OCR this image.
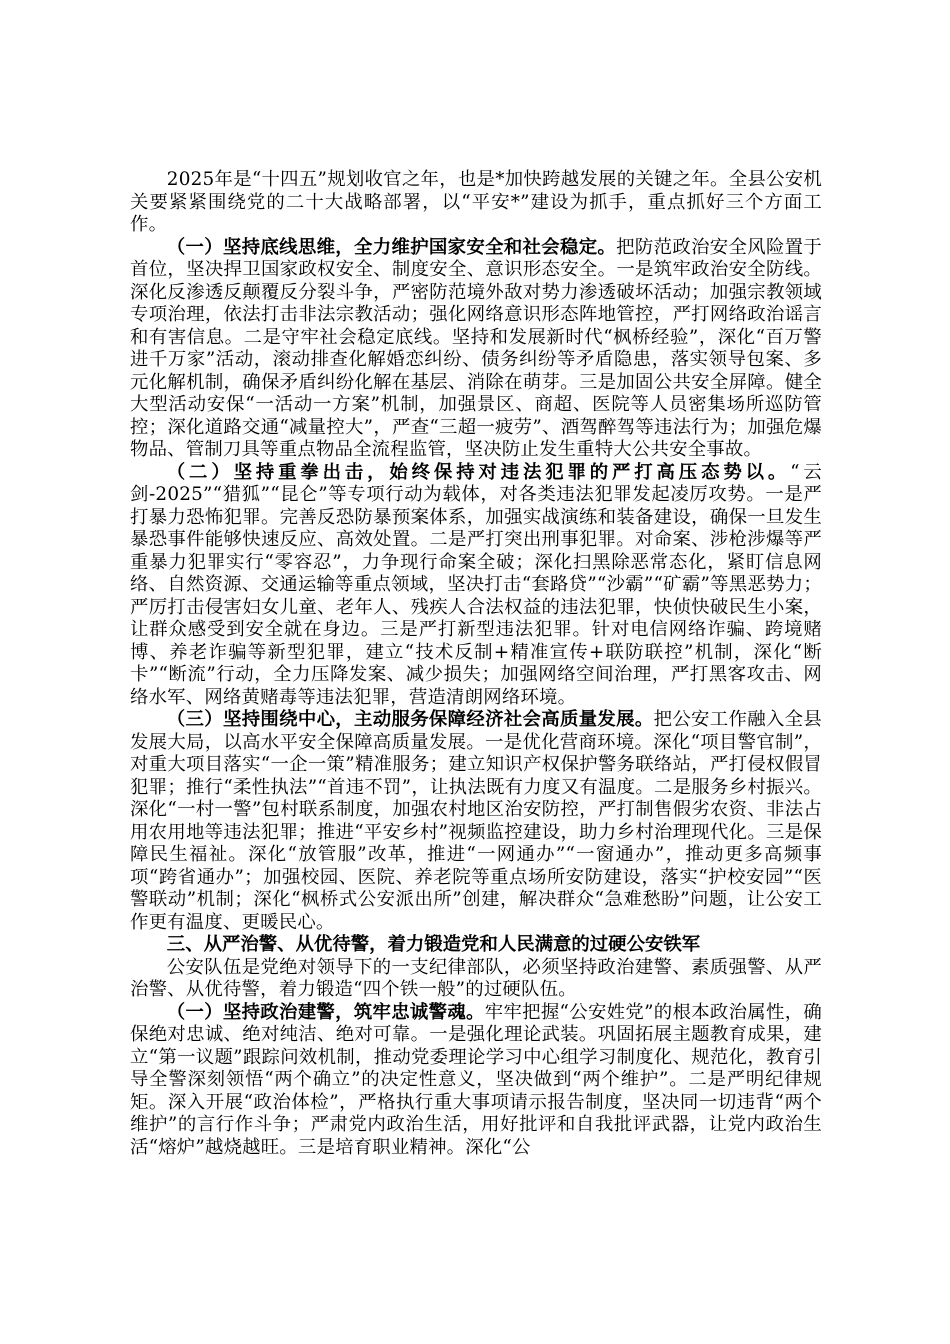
2025年是“十四五”规划收官之年，也是*加快跨越发展的关键之年。全县公安机关要紧紧围绕党的二十大战略部署，以“平安*”建设为抓手，重点抓好三个方面工作。

（一）坚持底线思维，全力维护国家安全和社会稳定。把防范政治安全风险置于首位，坚决捍卫国家政权安全、制度安全、意识形态安全。一是筑牢政治安全防线。深化反渗透反颠覆反分裂斗争，严密防范境外敌对势力渗透破坏活动；加强宗教领域专项治理，依法打击非法宗教活动；强化网络意识形态阵地管控，严打网络政治谣言和有害信息。二是守牢社会稳定底线。坚持和发展新时代“枫桥经验”，深化“百万警进千万家”活动，滚动排查化解婚恋纠纷、债务纠纷等矛盾隐患，落实领导包案、多元化解机制，确保矛盾纠纷化解在基层、消除在萌芽。三是加固公共安全屏障。健全大型活动安保“一活动一方案”机制，加强景区、商超、医院等人员密集场所巡防管控；深化道路交通“减量控大”，严查“三超一疲劳”、酒驾醉驾等违法行为；加强危爆物品、管制刀具等重点物品全流程监管，坚决防止发生重特大公共安全事故。

（二）坚持重拳出击，始终保持对违法犯罪的严打高压态势以。“云剑-2025”“猎狐”“昆仑”等专项行动为载体，对各类违法犯罪发起凌厉攻势。一是严打暴力恐怖犯罪。完善反恐防暴预案体系，加强实战演练和装备建设，确保一旦发生暴恐事件能够快速反应、高效处置。二是严打突出刑事犯罪。对命案、涉枪涉爆等严重暴力犯罪实行“零容忍”，力争现行命案全破；深化扫黑除恶常态化，紧盯信息网络、自然资源、交通运输等重点领域，坚决打击“套路贷”“沙霸”“矿霸”等黑恶势力；严厉打击侵害妇女儿童、老年人、残疾人合法权益的违法犯罪，快侦快破民生小案，让群众感受到安全就在身边。三是严打新型违法犯罪。针对电信网络诈骗、跨境赌博、养老诈骗等新型犯罪，建立“技术反制+精准宣传+联防联控”机制，深化“断卡”“断流”行动，全力压降发案、减少损失；加强网络空间治理，严打黑客攻击、网络水军、网络黄赌毒等违法犯罪，营造清朗网络环境。

（三）坚持围绕中心，主动服务保障经济社会高质量发展。把公安工作融入全县发展大局，以高水平安全保障高质量发展。一是优化营商环境。深化“项目警官制”，对重大项目落实“一企一策”精准服务；建立知识产权保护警务联络站，严打侵权假冒犯罪；推行“柔性执法”“首违不罚”，让执法既有力度又有温度。二是服务乡村振兴。深化“一村一警”包村联系制度，加强农村地区治安防控，严打制售假劣农资、非法占用农用地等违法犯罪；推进“平安乡村”视频监控建设，助力乡村治理现代化。三是保障民生福祉。深化“放管服”改革，推进“一网通办”“一窗通办”，推动更多高频事项“跨省通办”；加强校园、医院、养老院等重点场所安防建设，落实“护校安园”“医警联动”机制；深化“枫桥式公安派出所”创建，解决群众“急难愁盼”问题，让公安工作更有温度、更暖民心。

三、从严治警、从优待警，着力锻造党和人民满意的过硬公安铁军

公安队伍是党绝对领导下的一支纪律部队，必须坚持政治建警、素质强警、从严治警、从优待警，着力锻造“四个铁一般”的过硬队伍。

（一）坚持政治建警，筑牢忠诚警魂。牢牢把握“公安姓党”的根本政治属性，确保绝对忠诚、绝对纯洁、绝对可靠。一是强化理论武装。巩固拓展主题教育成果，建立“第一议题”跟踪问效机制，推动党委理论学习中心组学习制度化、规范化，教育引导全警深刻领悟“两个确立”的决定性意义，坚决做到“两个维护”。二是严明纪律规矩。深入开展“政治体检”，严格执行重大事项请示报告制度，坚决同一切违背“两个维护”的言行作斗争；严肃党内政治生活，用好批评和自我批评武器，让党内政治生活“熔炉”越烧越旺。三是培育职业精神。深化“公
